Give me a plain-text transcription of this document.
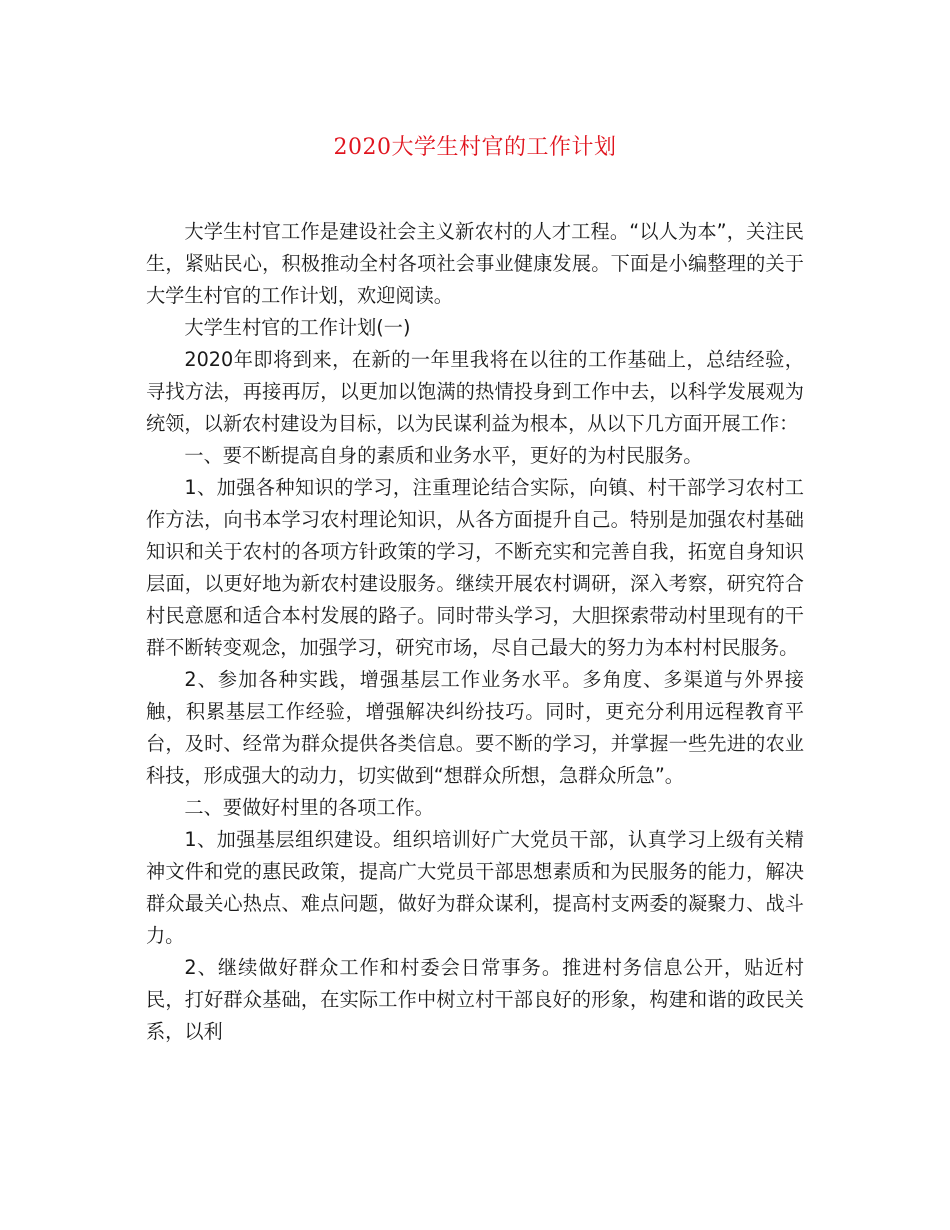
2020大学生村官的工作计划

大学生村官工作是建设社会主义新农村的人才工程。“以人为本”，关注民生，紧贴民心，积极推动全村各项社会事业健康发展。下面是小编整理的关于大学生村官的工作计划，欢迎阅读。

大学生村官的工作计划(一)

2020年即将到来，在新的一年里我将在以往的工作基础上，总结经验，寻找方法，再接再厉，以更加以饱满的热情投身到工作中去，以科学发展观为统领，以新农村建设为目标，以为民谋利益为根本，从以下几方面开展工作：

一、要不断提高自身的素质和业务水平，更好的为村民服务。

1、加强各种知识的学习，注重理论结合实际，向镇、村干部学习农村工作方法，向书本学习农村理论知识，从各方面提升自己。特别是加强农村基础知识和关于农村的各项方针政策的学习，不断充实和完善自我，拓宽自身知识层面，以更好地为新农村建设服务。继续开展农村调研，深入考察，研究符合村民意愿和适合本村发展的路子。同时带头学习，大胆探索带动村里现有的干群不断转变观念，加强学习，研究市场，尽自己最大的努力为本村村民服务。

2、参加各种实践，增强基层工作业务水平。多角度、多渠道与外界接触，积累基层工作经验，增强解决纠纷技巧。同时，更充分利用远程教育平台，及时、经常为群众提供各类信息。要不断的学习，并掌握一些先进的农业科技，形成强大的动力，切实做到“想群众所想，急群众所急”。

二、要做好村里的各项工作。

1、加强基层组织建设。组织培训好广大党员干部，认真学习上级有关精神文件和党的惠民政策，提高广大党员干部思想素质和为民服务的能力，解决群众最关心热点、难点问题，做好为群众谋利，提高村支两委的凝聚力、战斗力。

2、继续做好群众工作和村委会日常事务。推进村务信息公开，贴近村民，打好群众基础，在实际工作中树立村干部良好的形象，构建和谐的政民关系，以利
